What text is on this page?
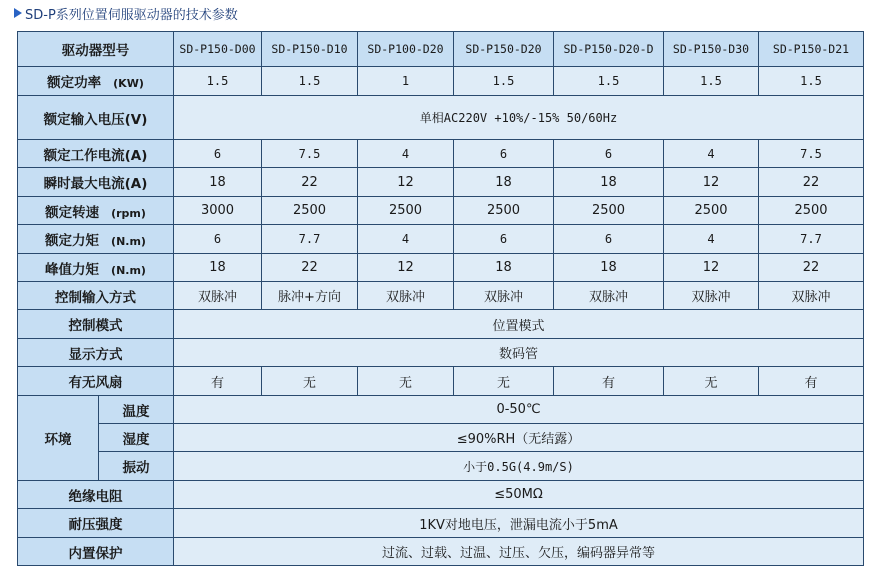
SD-P系列位置伺服驱动器的技术参数
驱动器型号		SD-P150-D00	SD-P150-D10	SD-P100-D20	SD-P150-D20	SD-P150-D20-D	SD-P150-D30	SD-P150-D21
额定功率 (KW)		1.5	1.5	1	1.5	1.5	1.5	1.5
额定输入电压(V)		单相AC220V +10%/-15% 50/60Hz						
额定工作电流(A)		6	7.5	4	6	6	4	7.5
瞬时最大电流(A)		18	22	12	18	18	12	22
额定转速 (rpm)		3000	2500	2500	2500	2500	2500	2500
额定力矩 (N.m)		6	7.7	4	6	6	4	7.7
峰值力矩 (N.m)		18	22	12	18	18	12	22
控制输入方式		双脉冲	脉冲+方向	双脉冲	双脉冲	双脉冲	双脉冲	双脉冲
控制模式		位置模式						
显示方式		数码管						
有无风扇		有	无	无	无	有	无	有
环境	温度	0-50℃						
	湿度	≤90%RH（无结露）						
	振动	小于0.5G(4.9m/S)						
绝缘电阻		≤50MΩ						
耐压强度		1KV对地电压，泄漏电流小于5mA						
内置保护		过流、过载、过温、过压、欠压，编码器异常等						
